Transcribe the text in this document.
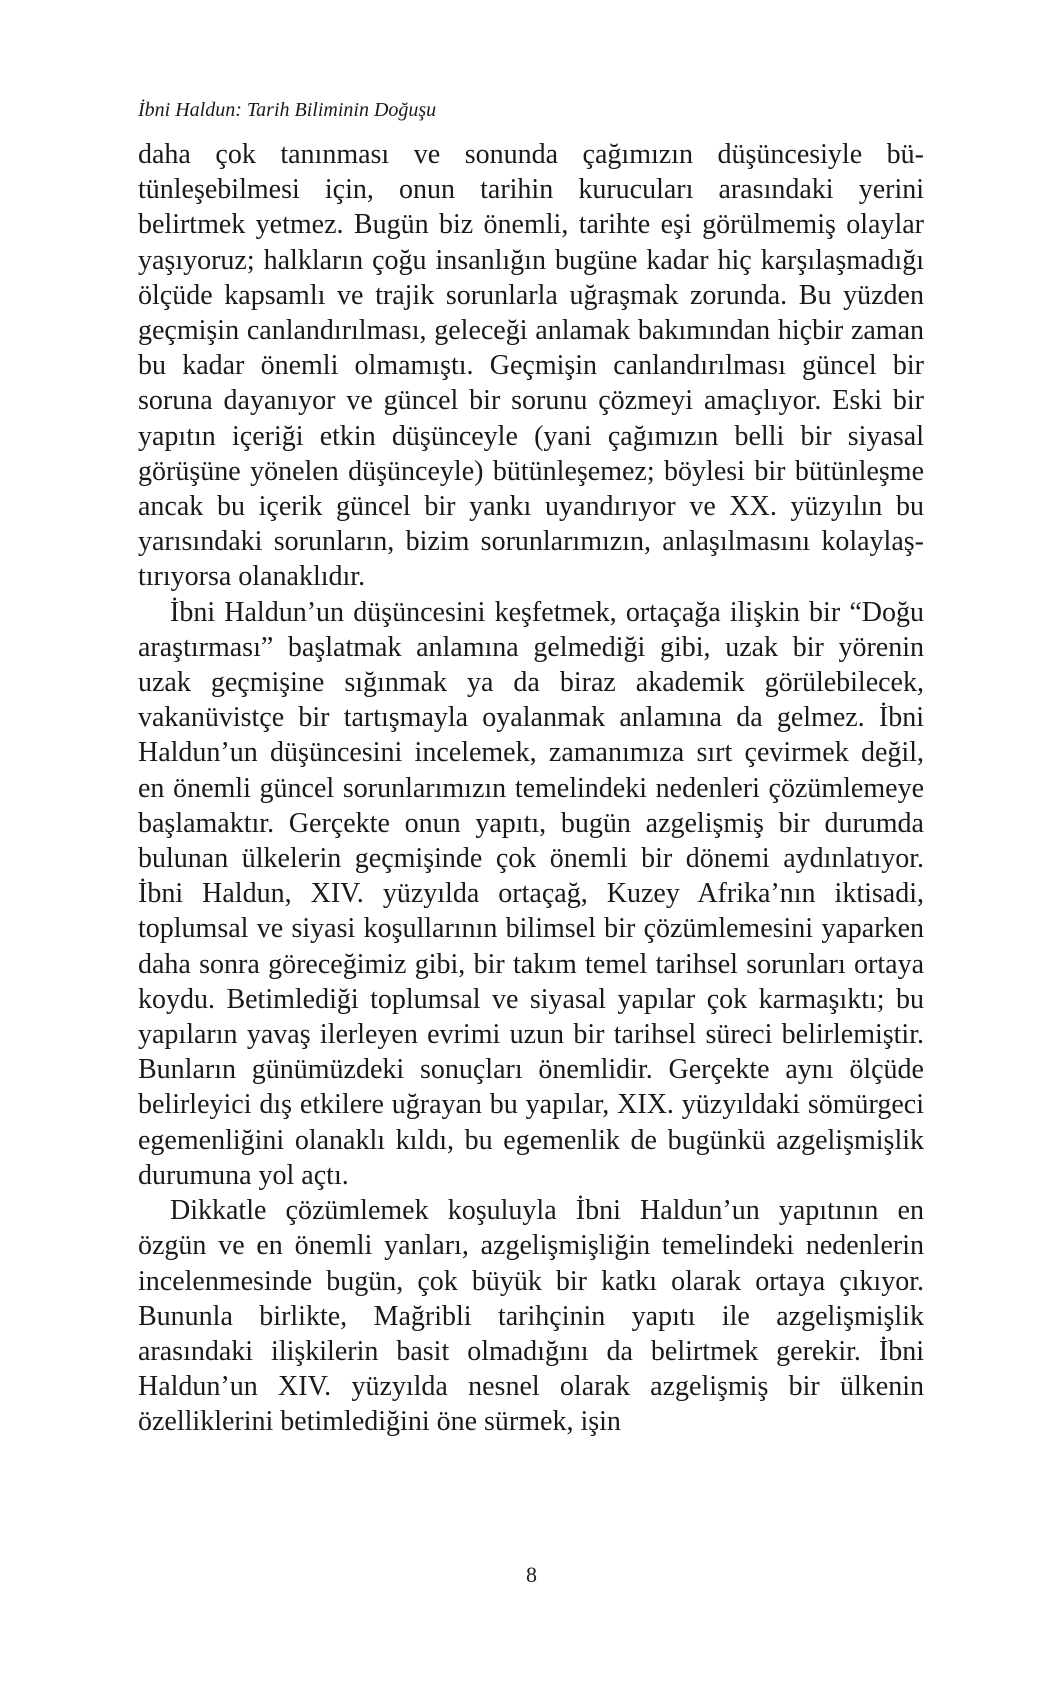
İbni Haldun: Tarih Biliminin Doğuşu

daha çok tanınması ve sonunda çağımızın düşüncesiyle bütünleşebilmesi için, onun tarihin kurucuları arasındaki yerini belirtmek yetmez. Bugün biz önemli, tarihte eşi görülmemiş olaylar yaşıyoruz; halkların çoğu insanlığın bugüne kadar hiç karşılaşmadığı ölçüde kapsamlı ve trajik sorunlarla uğraşmak zorunda. Bu yüzden geçmişin canlandırılması, geleceği anlamak bakımından hiçbir zaman bu kadar önemli olmamıştı. Geçmişin canlandırılması güncel bir soruna dayanıyor ve güncel bir sorunu çözmeyi amaçlıyor. Eski bir yapıtın içeriği etkin düşünceyle (yani çağımızın belli bir siyasal görüşüne yönelen düşünceyle) bütünleşemez; böylesi bir bütünleşme ancak bu içerik güncel bir yankı uyandırıyor ve XX. yüzyılın bu yarısındaki sorunların, bizim sorunlarımızın, anlaşılmasını kolaylaştırıyorsa olanaklıdır.

İbni Haldun’un düşüncesini keşfetmek, ortaçağa ilişkin bir “Doğu araştırması” başlatmak anlamına gelmediği gibi, uzak bir yörenin uzak geçmişine sığınmak ya da biraz akademik görülebilecek, vakanüvistçe bir tartışmayla oyalanmak anlamına da gelmez. İbni Haldun’un düşüncesini incelemek, zamanımıza sırt çevirmek değil, en önemli güncel sorunlarımızın temelindeki nedenleri çözümlemeye başlamaktır. Gerçekte onun yapıtı, bugün azgelişmiş bir durumda bulunan ülkelerin geçmişinde çok önemli bir dönemi aydınlatıyor. İbni Haldun, XIV. yüzyılda ortaçağ, Kuzey Afrika’nın iktisadi, toplumsal ve siyasi koşullarının bilimsel bir çözümlemesini yaparken daha sonra göreceğimiz gibi, bir takım temel tarihsel sorunları ortaya koydu. Betimlediği toplumsal ve siyasal yapılar çok karmaşıktı; bu yapıların yavaş ilerleyen evrimi uzun bir tarihsel süreci belirlemiştir. Bunların günümüzdeki sonuçları önemlidir. Gerçekte aynı ölçüde belirleyici dış etkilere uğrayan bu yapılar, XIX. yüzyıldaki sömürgeci egemenliğini olanaklı kıldı, bu egemenlik de bugünkü azgelişmişlik durumuna yol açtı.

Dikkatle çözümlemek koşuluyla İbni Haldun’un yapıtının en özgün ve en önemli yanları, azgelişmişliğin temelindeki nedenlerin incelenmesinde bugün, çok büyük bir katkı olarak ortaya çıkıyor. Bununla birlikte, Mağribli tarihçinin yapıtı ile azgelişmişlik arasındaki ilişkilerin basit olmadığını da belirtmek gerekir. İbni Haldun’un XIV. yüzyılda nesnel olarak azgelişmiş bir ülkenin özelliklerini betimlediğini öne sürmek, işin

8
